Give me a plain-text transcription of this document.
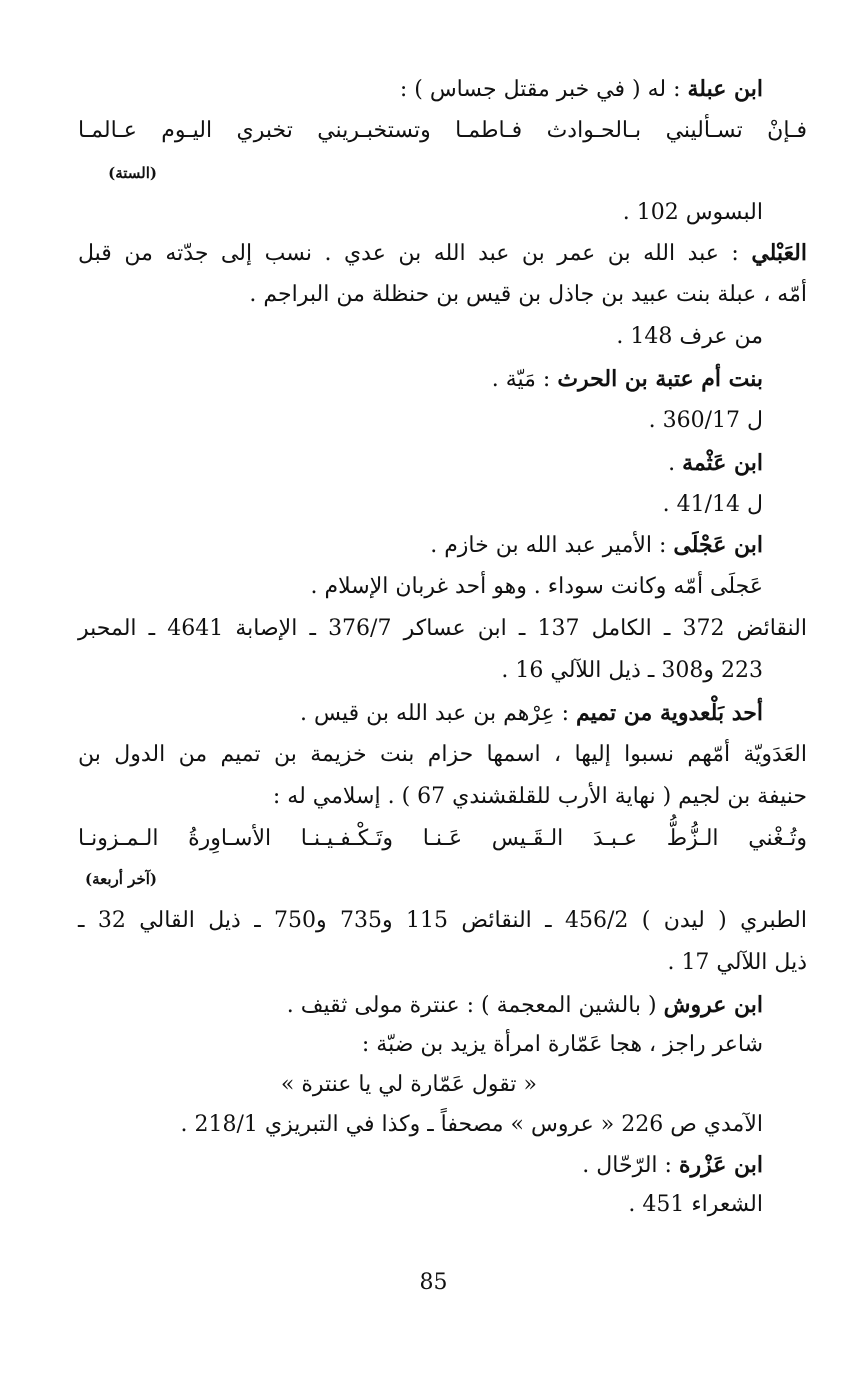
ابن عبلة : له ( في خبر مقتل جساس ) :
فـإنْ تسـأليني بـالحـوادث فـاطمـا وتستخبـريني تخبري اليـوم عـالمـا
(الستة)
البسوس 102 .
العَبْلي : عبد الله بن عمر بن عبد الله بن عدي . نسب إلى جدّته من قبل
أمّه ، عبلة بنت عبيد بن جاذل بن قيس بن حنظلة من البراجم .
من عرف 148 .
بنت أم عتبة بن الحرث : مَيّة .
ل 360/17 .
ابن عَثْمة .
ل 41/14 .
ابن عَجْلَى : الأمير عبد الله بن خازم .
عَجلَى أمّه وكانت سوداء . وهو أحد غربان الإسلام .
النقائض 372 ـ الكامل 137 ـ ابن عساكر 376/7 ـ الإصابة 4641 ـ المحبر
223 و308 ـ ذيل اللآلي 16 .
أحد بَلْعدوية من تميم : عِرْهم بن عبد الله بن قيس .
العَدَويّة أمّهم نسبوا إليها ، اسمها حزام بنت خزيمة بن تميم من الدول بن
حنيفة بن لجيم ( نهاية الأرب للقلقشندي 67 ) . إسلامي له :
وتُـغْني الـزُّطُّ عـبـدَ الـقَـيس عَـنـا وتَـكْـفـيـنـا الأسـاوِرةُ الـمـزونـا
(آخر أربعة)
الطبري ( ليدن ) 456/2 ـ النقائض 115 و735 و750 ـ ذيل القالي 32 ـ
ذيل اللآلي 17 .
ابن عروش ( بالشين المعجمة ) : عنترة مولى ثقيف .
شاعر راجز ، هجا عَمّارة امرأة يزيد بن ضبّة :
« تقول عَمّارة لي يا عنترة »
الآمدي ص 226 « عروس » مصحفاً ـ وكذا في التبريزي 218/1 .
ابن عَزْرة : الرّحّال .
الشعراء 451 .
85
